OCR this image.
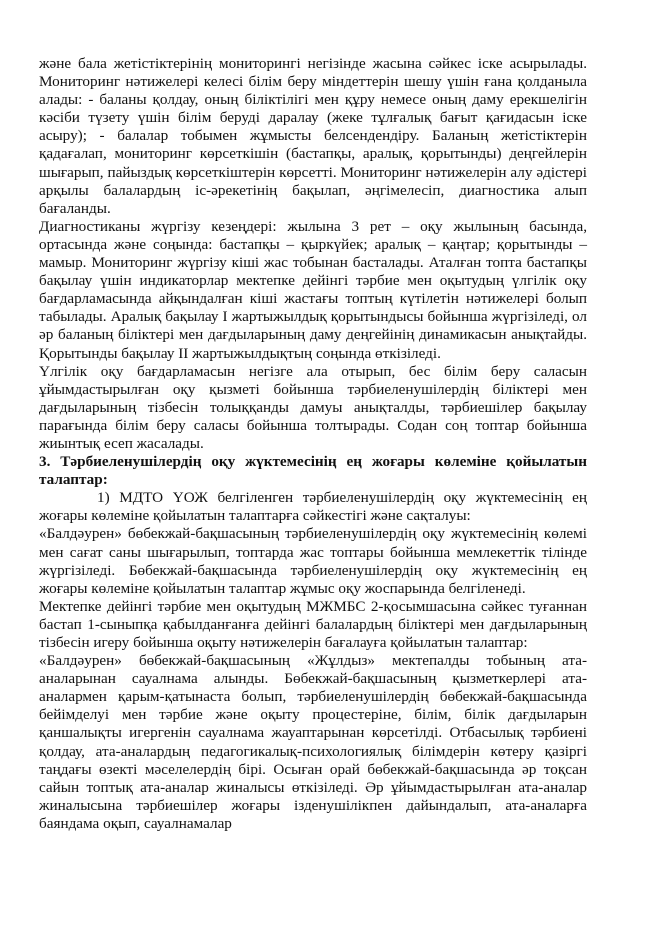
және бала жетістіктерінің мониторингі негізінде жасына сәйкес іске асырылады. Мониторинг нәтижелері келесі білім беру міндеттерін шешу үшін ғана қолданыла алады: - баланы қолдау, оның біліктілігі мен құру немесе оның даму ерекшелігін кәсіби түзету үшін білім беруді даралау (жеке тұлғалық бағыт қағидасын іске асыру); - балалар тобымен жұмысты белсендендіру. Баланың жетістіктерін қадағалап, мониторинг көрсеткішін (бастапқы, аралық, қорытынды) деңгейлерін шығарып, пайыздық көрсеткіштерін көрсетті. Мониторинг нәтижелерін алу әдістері арқылы балалардың іс-әрекетінің бақылап, әңгімелесіп, диагностика алып бағаланды.

Диагностиканы жүргізу кезеңдері: жылына 3 рет – оқу жылының басында, ортасында және соңында: бастапқы – қыркүйек; аралық – қаңтар; қорытынды – мамыр. Мониторинг жүргізу кіші жас тобынан басталады. Аталған топта бастапқы бақылау үшін индикаторлар мектепке дейінгі тәрбие мен оқытудың үлгілік оқу бағдарламасында айқындалған кіші жастағы топтың күтілетін нәтижелері болып табылады. Аралық бақылау І жартыжылдық қорытындысы бойынша жүргізіледі, ол әр баланың біліктері мен дағдыларының даму деңгейінің динамикасын анықтайды. Қорытынды бақылау ІІ жартыжылдықтың соңында өткізіледі.

Үлгілік оқу бағдарламасын негізге ала отырып, бес білім беру саласын ұйымдастырылған оқу қызметі бойынша тәрбиеленушілердің біліктері мен дағдыларының тізбесін толыққанды дамуы анықталды, тәрбиешілер бақылау парағында білім беру саласы бойынша толтырады. Содан соң топтар бойынша жиынтық есеп жасалады.

3. Тәрбиеленушілердің оқу жүктемесінің ең жоғары көлеміне қойылатын талаптар:

1) МДТО ҮОЖ белгіленген тәрбиеленушілердің оқу жүктемесінің ең жоғары көлеміне қойылатын талаптарға сәйкестігі және сақталуы:

«Балдәурен» бөбекжай-бақшасының тәрбиеленушілердің оқу жүктемесінің көлемі мен сағат саны шығарылып, топтарда жас топтары бойынша мемлекеттік тілінде жүргізіледі. Бөбекжай-бақшасында тәрбиеленушілердің оқу жүктемесінің ең жоғары көлеміне қойылатын талаптар жұмыс оқу жоспарында белгіленеді.

Мектепке дейінгі тәрбие мен оқытудың МЖМБС 2-қосымшасына сәйкес туғаннан бастап 1-сыныпқа қабылданғанға дейінгі балалардың біліктері мен дағдыларының тізбесін игеру бойынша оқыту нәтижелерін бағалауға қойылатын талаптар:

«Балдәурен» бөбекжай-бақшасының «Жұлдыз» мектепалды тобының ата-аналарынан сауалнама алынды. Бөбекжай-бақшасының қызметкерлері ата-аналармен қарым-қатынаста болып, тәрбиеленушілердің бөбекжай-бақшасында бейімделуі мен тәрбие және оқыту процестеріне, білім, білік дағдыларын қаншалықты игергенін сауалнама жауаптарынан көрсетілді. Отбасылық тәрбиені қолдау, ата-аналардың педагогикалық-психологиялық білімдерін көтеру қазіргі таңдағы өзекті мәселелердің бірі. Осыған орай бөбекжай-бақшасында әр тоқсан сайын топтық ата-аналар жиналысы өткізіледі. Әр ұйымдастырылған ата-аналар жиналысына тәрбиешілер жоғары ізденушілікпен дайындалып, ата-аналарға баяндама оқып, сауалнамалар
